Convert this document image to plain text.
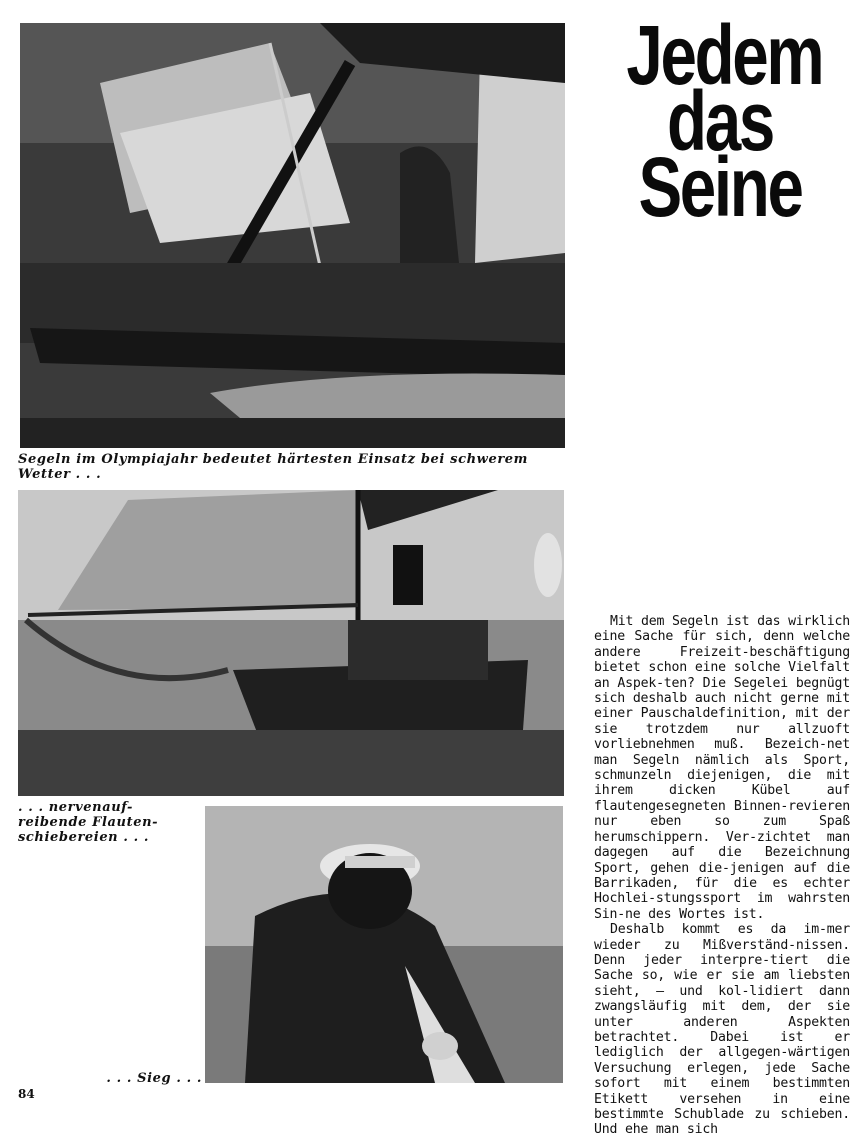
Segeln im Olympiajahr bedeutet härtesten Einsatz bei schwerem Wetter . . .
. . . nervenauf- reibende Flauten- schiebereien . . .
. . . Sieg . . .
Jedem
das
Seine

Mit dem Segeln ist das wirklich eine Sache für sich, denn welche andere Freizeit-beschäftigung bietet schon eine solche Vielfalt an Aspek-ten? Die Segelei begnügt sich deshalb auch nicht gerne mit einer Pauschaldefinition, mit der sie trotzdem nur allzuoft vorliebnehmen muß. Bezeich-net man Segeln nämlich als Sport, schmunzeln diejenigen, die mit ihrem dicken Kübel auf flautengesegneten Binnen-revieren nur eben so zum Spaß herumschippern. Ver-zichtet man dagegen auf die Bezeichnung Sport, gehen die-jenigen auf die Barrikaden, für die es echter Hochlei-stungssport im wahrsten Sin-ne des Wortes ist.

Deshalb kommt es da im-mer wieder zu Mißverständ-nissen. Denn jeder interpre-tiert die Sache so, wie er sie am liebsten sieht, — und kol-lidiert dann zwangsläufig mit dem, der sie unter anderen Aspekten betrachtet. Dabei ist er lediglich der allgegen-wärtigen Versuchung erlegen, jede Sache sofort mit einem bestimmten Etikett versehen in eine bestimmte Schublade zu schieben. Und ehe man sich

84
